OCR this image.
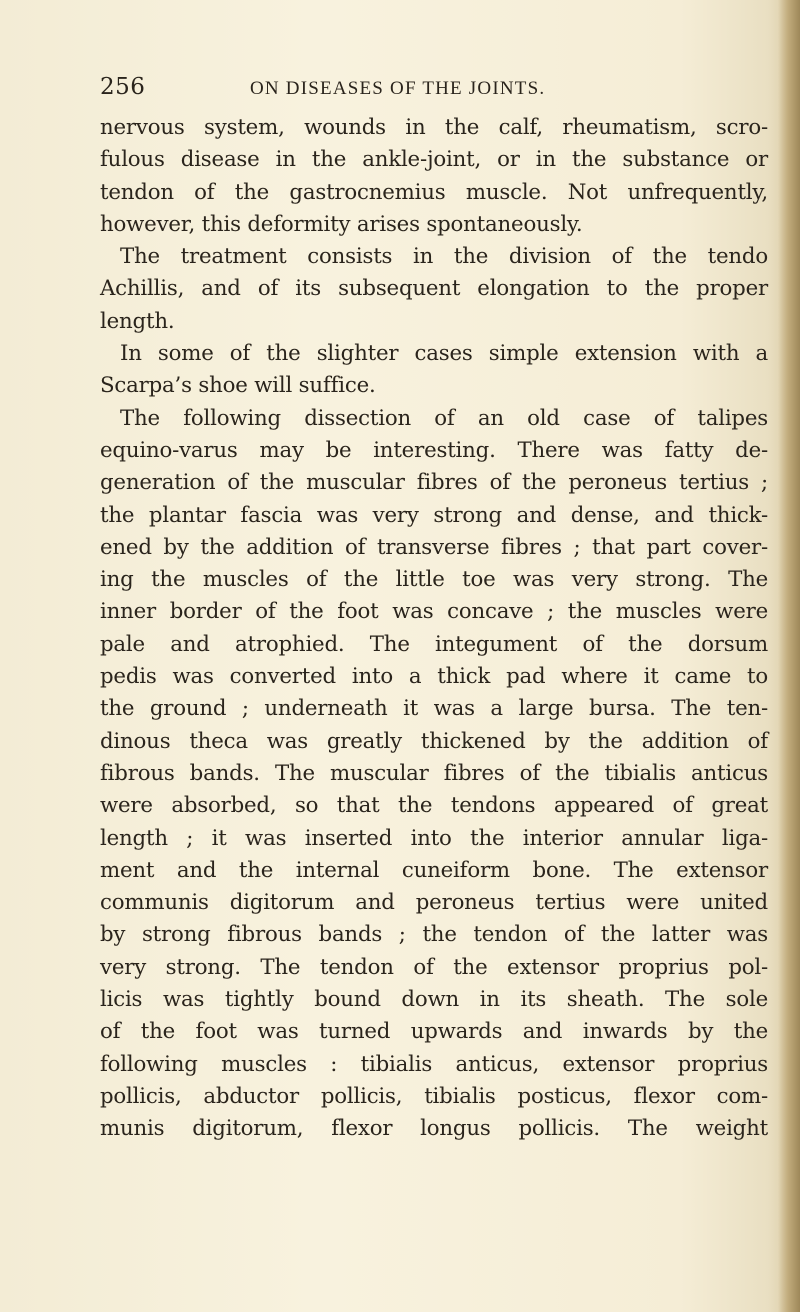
256	ON DISEASES OF THE JOINTS.
nervous system, wounds in the calf, rheumatism, scro-
fulous disease in the ankle-joint, or in the substance or
tendon of the gastrocnemius muscle. Not unfrequently,
however, this deformity arises spontaneously.
The treatment consists in the division of the tendo
Achillis, and of its subsequent elongation to the proper
length.
In some of the slighter cases simple extension with a
Scarpa’s shoe will suffice.
The following dissection of an old case of talipes
equino-varus may be interesting. There was fatty de-
generation of the muscular fibres of the peroneus tertius ;
the plantar fascia was very strong and dense, and thick-
ened by the addition of transverse fibres ; that part cover-
ing the muscles of the little toe was very strong. The
inner border of the foot was concave ; the muscles were
pale and atrophied. The integument of the dorsum
pedis was converted into a thick pad where it came to
the ground ; underneath it was a large bursa. The ten-
dinous theca was greatly thickened by the addition of
fibrous bands. The muscular fibres of the tibialis anticus
were absorbed, so that the tendons appeared of great
length ; it was inserted into the interior annular liga-
ment and the internal cuneiform bone. The extensor
communis digitorum and peroneus tertius were united
by strong fibrous bands ; the tendon of the latter was
very strong. The tendon of the extensor proprius pol-
licis was tightly bound down in its sheath. The sole
of the foot was turned upwards and inwards by the
following muscles : tibialis anticus, extensor proprius
pollicis, abductor pollicis, tibialis posticus, flexor com-
munis digitorum, flexor longus pollicis. The weight
